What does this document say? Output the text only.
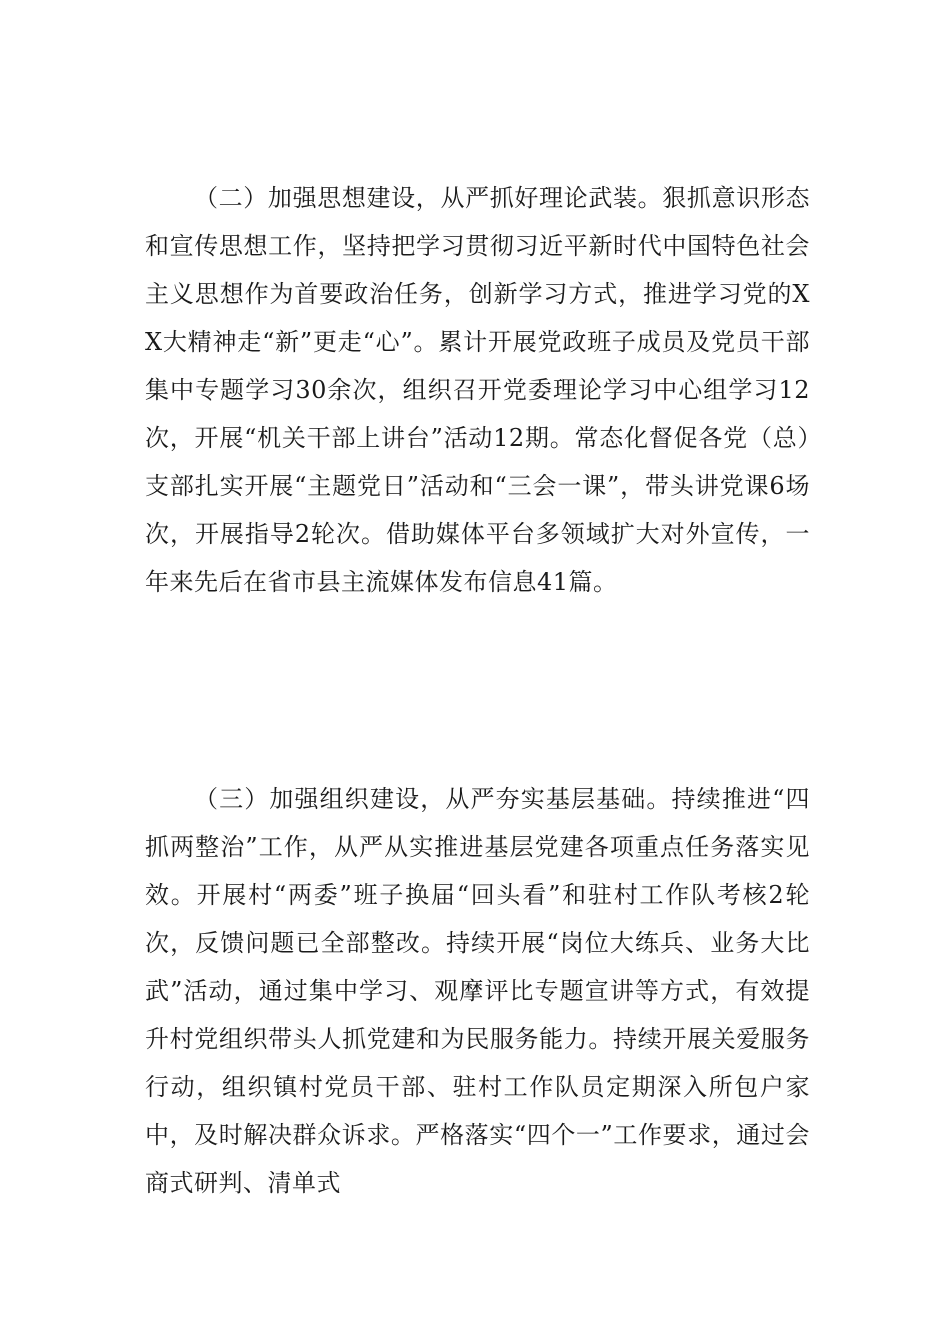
（二）加强思想建设，从严抓好理论武装。狠抓意识形态和宣传思想工作，坚持把学习贯彻习近平新时代中国特色社会主义思想作为首要政治任务，创新学习方式，推进学习党的XX大精神走“新”更走“心”。累计开展党政班子成员及党员干部集中专题学习30余次，组织召开党委理论学习中心组学习12次，开展“机关干部上讲台”活动12期。常态化督促各党（总）支部扎实开展“主题党日”活动和“三会一课”，带头讲党课6场次，开展指导2轮次。借助媒体平台多领域扩大对外宣传，一年来先后在省市县主流媒体发布信息41篇。

（三）加强组织建设，从严夯实基层基础。持续推进“四抓两整治”工作，从严从实推进基层党建各项重点任务落实见效。开展村“两委”班子换届“回头看”和驻村工作队考核2轮次，反馈问题已全部整改。持续开展“岗位大练兵、业务大比武”活动，通过集中学习、观摩评比专题宣讲等方式，有效提升村党组织带头人抓党建和为民服务能力。持续开展关爱服务行动，组织镇村党员干部、驻村工作队员定期深入所包户家中，及时解决群众诉求。严格落实“四个一”工作要求，通过会商式研判、清单式
